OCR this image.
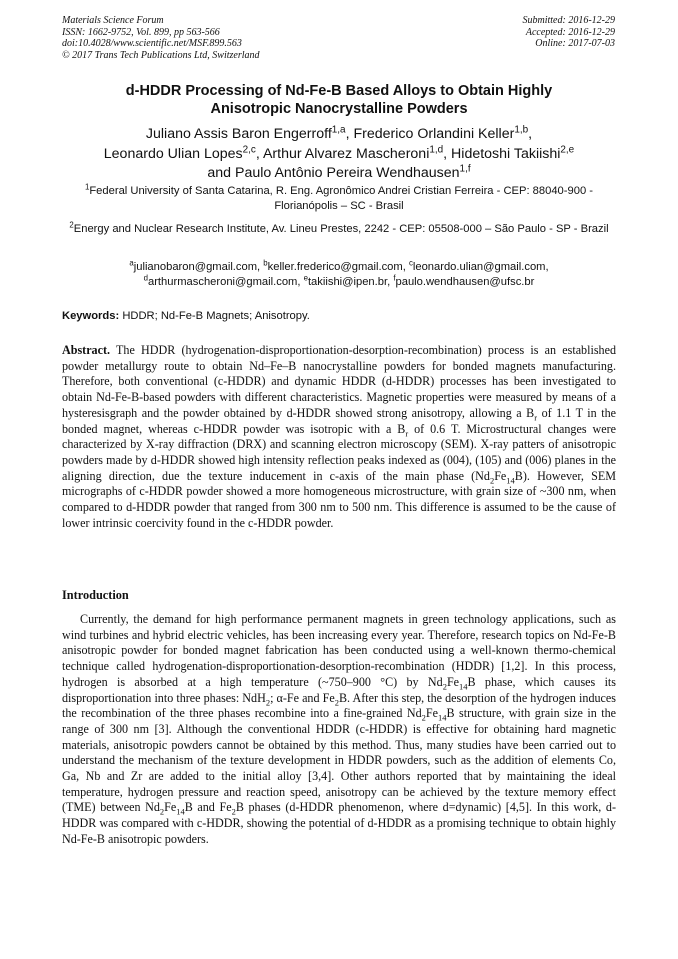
Materials Science Forum
ISSN: 1662-9752, Vol. 899, pp 563-566
doi:10.4028/www.scientific.net/MSF.899.563
© 2017 Trans Tech Publications Ltd, Switzerland
Submitted: 2016-12-29
Accepted: 2016-12-29
Online: 2017-07-03
d-HDDR Processing of Nd-Fe-B Based Alloys to Obtain Highly
Anisotropic Nanocrystalline Powders
Juliano Assis Baron Engerroff$^{1,a}$, Frederico Orlandini Keller$^{1,b}$,
Leonardo Ulian Lopes$^{2,c}$, Arthur Alvarez Mascheroni$^{1,d}$, Hidetoshi Takiishi$^{2,e}$
and Paulo Antônio Pereira Wendhausen$^{1,f}$
$^1$Federal University of Santa Catarina, R. Eng. Agronômico Andrei Cristian Ferreira - CEP: 88040-900 - Florianópolis – SC - Brasil
$^2$Energy and Nuclear Research Institute, Av. Lineu Prestes, 2242 - CEP: 05508-000 – São Paulo - SP - Brazil
$^a$julianobaron@gmail.com, $^b$keller.frederico@gmail.com, $^c$leonardo.ulian@gmail.com,
$^d$arthurmascheroni@gmail.com, $^e$takiishi@ipen.br, $^f$paulo.wendhausen@ufsc.br
Keywords: HDDR; Nd-Fe-B Magnets; Anisotropy.
Abstract. The HDDR (hydrogenation-disproportionation-desorption-recombination) process is an established powder metallurgy route to obtain Nd–Fe–B nanocrystalline powders for bonded magnets manufacturing. Therefore, both conventional (c-HDDR) and dynamic HDDR (d-HDDR) processes has been investigated to obtain Nd-Fe-B-based powders with different characteristics. Magnetic properties were measured by means of a hysteresisgraph and the powder obtained by d-HDDR showed strong anisotropy, allowing a $B_r$ of 1.1 T in the bonded magnet, whereas c-HDDR powder was isotropic with a $B_r$ of 0.6 T. Microstructural changes were characterized by X-ray diffraction (DRX) and scanning electron microscopy (SEM). X-ray patters of anisotropic powders made by d-HDDR showed high intensity reflection peaks indexed as (004), (105) and (006) planes in the aligning direction, due the texture inducement in c-axis of the main phase $(Nd_2Fe_{14}B)$. However, SEM micrographs of c-HDDR powder showed a more homogeneous microstructure, with grain size of ~300 nm, when compared to d-HDDR powder that ranged from 300 nm to 500 nm. This difference is assumed to be the cause of lower intrinsic coercivity found in the c-HDDR powder.
Introduction
Currently, the demand for high performance permanent magnets in green technology applications, such as wind turbines and hybrid electric vehicles, has been increasing every year. Therefore, research topics on Nd-Fe-B anisotropic powder for bonded magnet fabrication has been conducted using a well-known thermo-chemical technique called hydrogenation-disproportionation-desorption-recombination (HDDR) [1,2]. In this process, hydrogen is absorbed at a high temperature (~750–900 °C) by $Nd_2Fe_{14}B$ phase, which causes its disproportionation into three phases: NdH$_2$; α-Fe and $Fe_2B$. After this step, the desorption of the hydrogen induces the recombination of the three phases recombine into a fine-grained $Nd_2Fe_{14}B$ structure, with grain size in the range of 300 nm [3]. Although the conventional HDDR (c-HDDR) is effective for obtaining hard magnetic materials, anisotropic powders cannot be obtained by this method. Thus, many studies have been carried out to understand the mechanism of the texture development in HDDR powders, such as the addition of elements Co, Ga, Nb and Zr are added to the initial alloy [3,4]. Other authors reported that by maintaining the ideal temperature, hydrogen pressure and reaction speed, anisotropy can be achieved by the texture memory effect (TME) between $Nd_2Fe_{14}B$ and $Fe_2B$ phases (d-HDDR phenomenon, where d=dynamic) [4,5]. In this work, d-HDDR was compared with c-HDDR, showing the potential of d-HDDR as a promising technique to obtain highly Nd-Fe-B anisotropic powders.
